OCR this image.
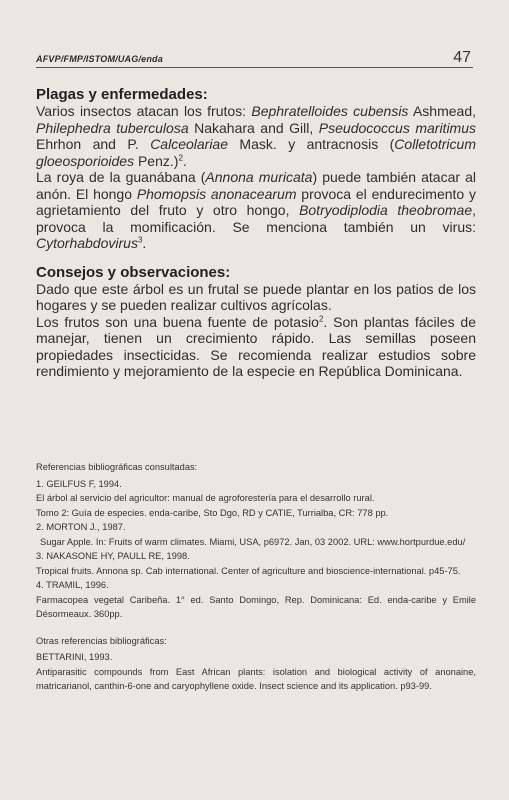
AFVP/FMP/ISTOM/UAG/enda	47
Plagas y enfermedades:

Varios insectos atacan los frutos: Bephratelloides cubensis Ashmead, Philephedra tuberculosa Nakahara and Gill, Pseudococcus maritimus Ehrhon and P. Calceolariae Mask. y antracnosis (Colletotricum gloeosporioides Penz.)$^2$.

La roya de la guanábana (Annona muricata) puede también atacar al anón. El hongo Phomopsis anonacearum provoca el endurecimento y agrietamiento del fruto y otro hongo, Botryodiplodia theobromae, provoca la momificación. Se menciona también un virus: Cytorhabdovirus$^3$.

Consejos y observaciones:

Dado que este árbol es un frutal se puede plantar en los patios de los hogares y se pueden realizar cultivos agrícolas.

Los frutos son una buena fuente de potasio$^2$. Son plantas fáciles de manejar, tienen un crecimiento rápido. Las semillas poseen propiedades insecticidas. Se recomienda realizar estudios sobre rendimiento y mejoramiento de la especie en República Dominicana.

Referencias bibliográficas consultadas:
1. GEILFUS F, 1994.
El árbol al servicio del agricultor: manual de agroforestería para el desarrollo rural.
Tomo 2: Guía de especies. enda-caribe, Sto Dgo, RD y CATIE, Turrialba, CR: 778 pp.
2. MORTON J., 1987.
Sugar Apple. In: Fruits of warm climates. Miami, USA, p6972. Jan, 03 2002. URL: www.hortpurdue.edu/
3. NAKASONE HY, PAULL RE, 1998.
Tropical fruits. Annona sp. Cab international. Center of agriculture and bioscience-international. p45-75.
4. TRAMIL, 1996.
Farmacopea vegetal Caribeña. 1° ed. Santo Domingo, Rep. Dominicana: Ed. enda-caribe y Emile Désormeaux. 360pp.
Otras referencias bibliográficas:
BETTARINI, 1993.
Antiparasitic compounds from East African plants: isolation and biological activity of anonaine, matricarianol, canthin-6-one and caryophyllene oxide. Insect science and its application. p93-99.
